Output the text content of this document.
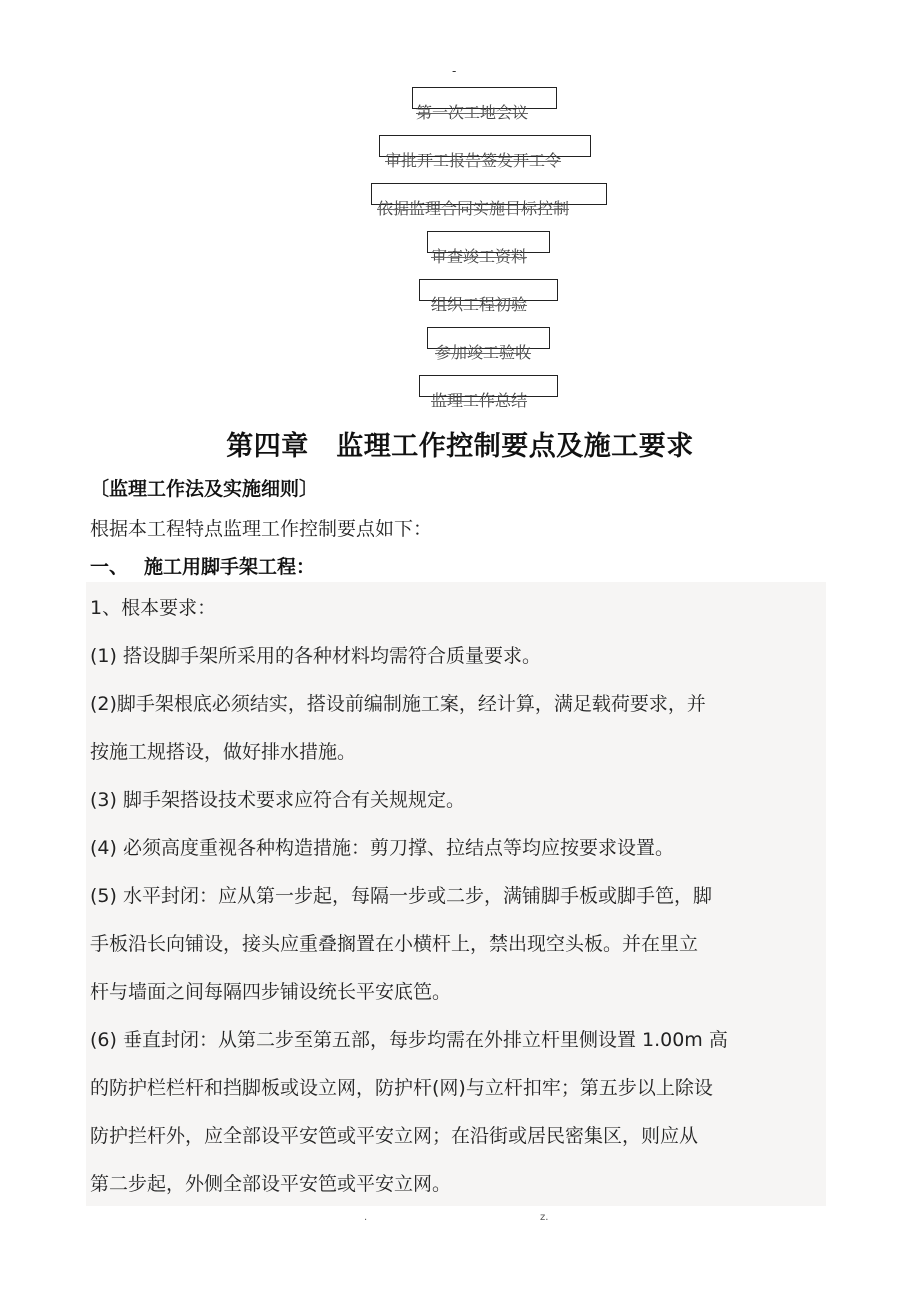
-
第一次工地会议
审批开工报告签发开工令
依据监理合同实施目标控制
审查竣工资料
组织工程初验
参加竣工验收
监理工作总结
第四章　监理工作控制要点及施工要求
〔监理工作法及实施细则〕
根据本工程特点监理工作控制要点如下：
一、 施工用脚手架工程：
1、根本要求：
(1) 搭设脚手架所采用的各种材料均需符合质量要求。
(2)脚手架根底必须结实，搭设前编制施工案，经计算，满足载荷要求，并
按施工规搭设，做好排水措施。
(3) 脚手架搭设技术要求应符合有关规规定。
(4) 必须高度重视各种构造措施：剪刀撑、拉结点等均应按要求设置。
(5) 水平封闭：应从第一步起，每隔一步或二步，满铺脚手板或脚手笆，脚
手板沿长向铺设，接头应重叠搁置在小横杆上，禁出现空头板。并在里立
杆与墙面之间每隔四步铺设统长平安底笆。
(6) 垂直封闭：从第二步至第五部，每步均需在外排立杆里侧设置 1.00m 高
的防护栏栏杆和挡脚板或设立网，防护杆(网)与立杆扣牢；第五步以上除设
防护拦杆外，应全部设平安笆或平安立网；在沿街或居民密集区，则应从
第二步起，外侧全部设平安笆或平安立网。
.	z.
